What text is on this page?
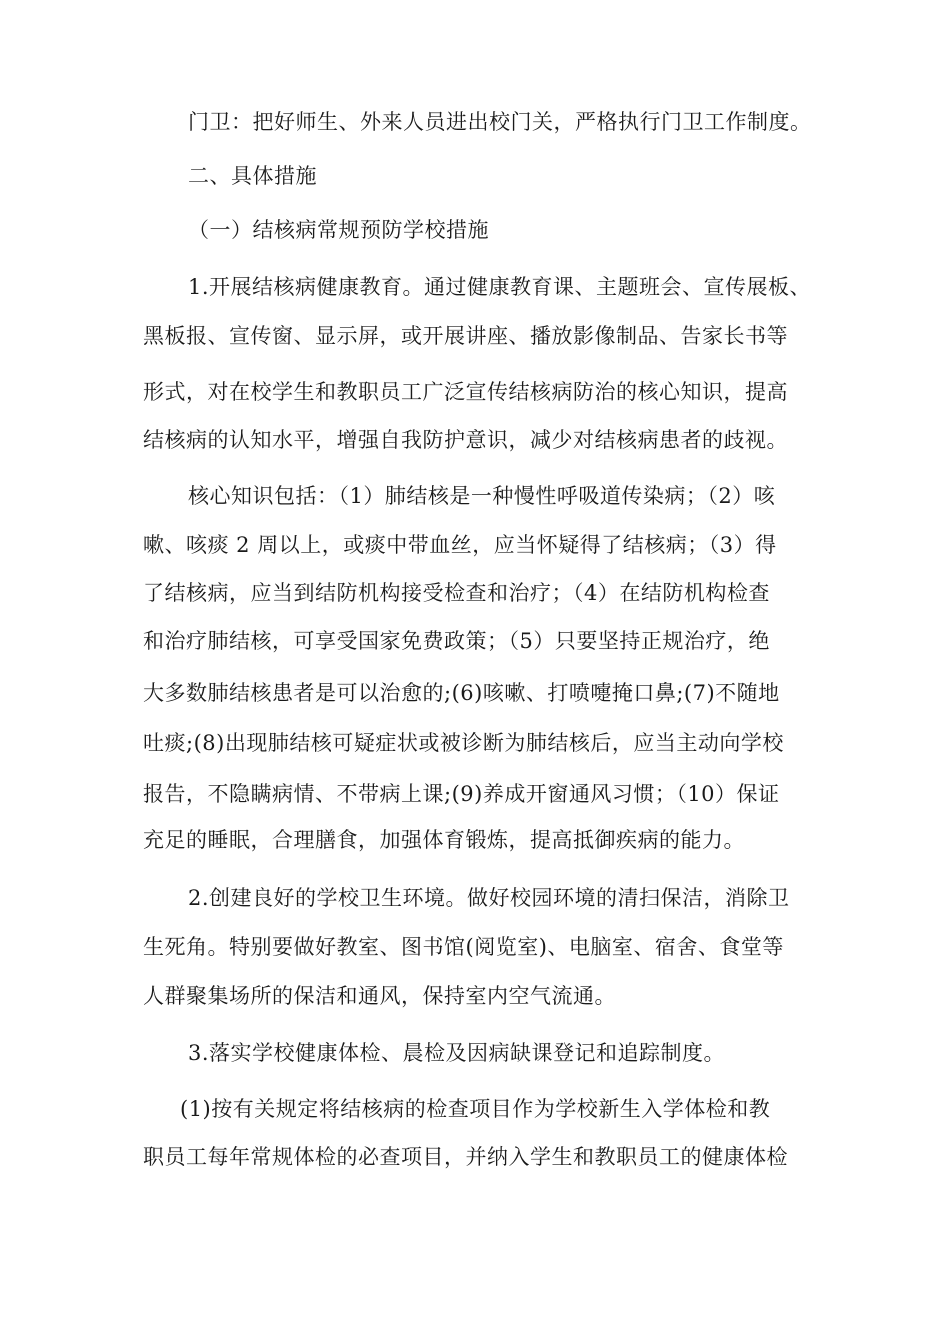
门卫：把好师生、外来人员进出校门关，严格执行门卫工作制度。

二、具体措施

（一）结核病常规预防学校措施

1.开展结核病健康教育。通过健康教育课、主题班会、宣传展板、

黑板报、宣传窗、显示屏，或开展讲座、播放影像制品、告家长书等

形式，对在校学生和教职员工广泛宣传结核病防治的核心知识，提高

结核病的认知水平，增强自我防护意识，减少对结核病患者的歧视。

核心知识包括：（1）肺结核是一种慢性呼吸道传染病；（2）咳

嗽、咳痰 2 周以上，或痰中带血丝，应当怀疑得了结核病；（3）得

了结核病，应当到结防机构接受检查和治疗；（4）在结防机构检查

和治疗肺结核，可享受国家免费政策；（5）只要坚持正规治疗，绝

大多数肺结核患者是可以治愈的;(6)咳嗽、打喷嚏掩口鼻;(7)不随地

吐痰;(8)出现肺结核可疑症状或被诊断为肺结核后，应当主动向学校

报告，不隐瞒病情、不带病上课;(9)养成开窗通风习惯；（10）保证

充足的睡眠，合理膳食，加强体育锻炼，提高抵御疾病的能力。

2.创建良好的学校卫生环境。做好校园环境的清扫保洁，消除卫

生死角。特别要做好教室、图书馆(阅览室)、电脑室、宿舍、食堂等

人群聚集场所的保洁和通风，保持室内空气流通。

3.落实学校健康体检、晨检及因病缺课登记和追踪制度。

(1)按有关规定将结核病的检查项目作为学校新生入学体检和教

职员工每年常规体检的必查项目，并纳入学生和教职员工的健康体检
